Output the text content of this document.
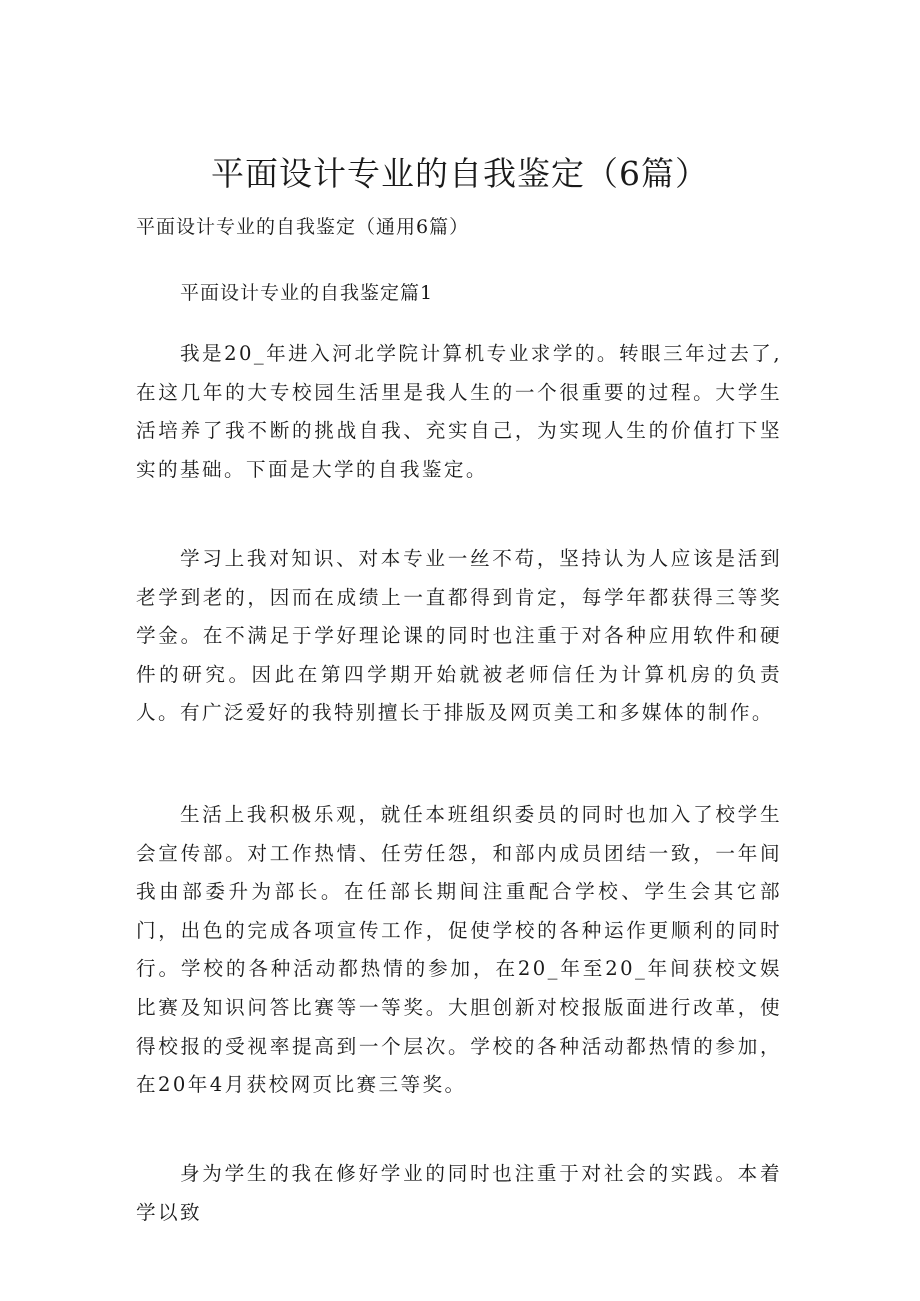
平面设计专业的自我鉴定（6篇）

平面设计专业的自我鉴定（通用6篇）

平面设计专业的自我鉴定篇1

我是20_年进入河北学院计算机专业求学的。转眼三年过去了,在这几年的大专校园生活里是我人生的一个很重要的过程。大学生活培养了我不断的挑战自我、充实自己，为实现人生的价值打下坚实的基础。下面是大学的自我鉴定。

学习上我对知识、对本专业一丝不苟，坚持认为人应该是活到老学到老的，因而在成绩上一直都得到肯定，每学年都获得三等奖学金。在不满足于学好理论课的同时也注重于对各种应用软件和硬件的研究。因此在第四学期开始就被老师信任为计算机房的负责人。有广泛爱好的我特别擅长于排版及网页美工和多媒体的制作。

生活上我积极乐观，就任本班组织委员的同时也加入了校学生会宣传部。对工作热情、任劳任怨，和部内成员团结一致，一年间我由部委升为部长。在任部长期间注重配合学校、学生会其它部门，出色的完成各项宣传工作，促使学校的各种运作更顺利的同时行。学校的各种活动都热情的参加，在20_年至20_年间获校文娱比赛及知识问答比赛等一等奖。大胆创新对校报版面进行改革，使得校报的受视率提高到一个层次。学校的各种活动都热情的参加，在20年4月获校网页比赛三等奖。

身为学生的我在修好学业的同时也注重于对社会的实践。本着学以致
